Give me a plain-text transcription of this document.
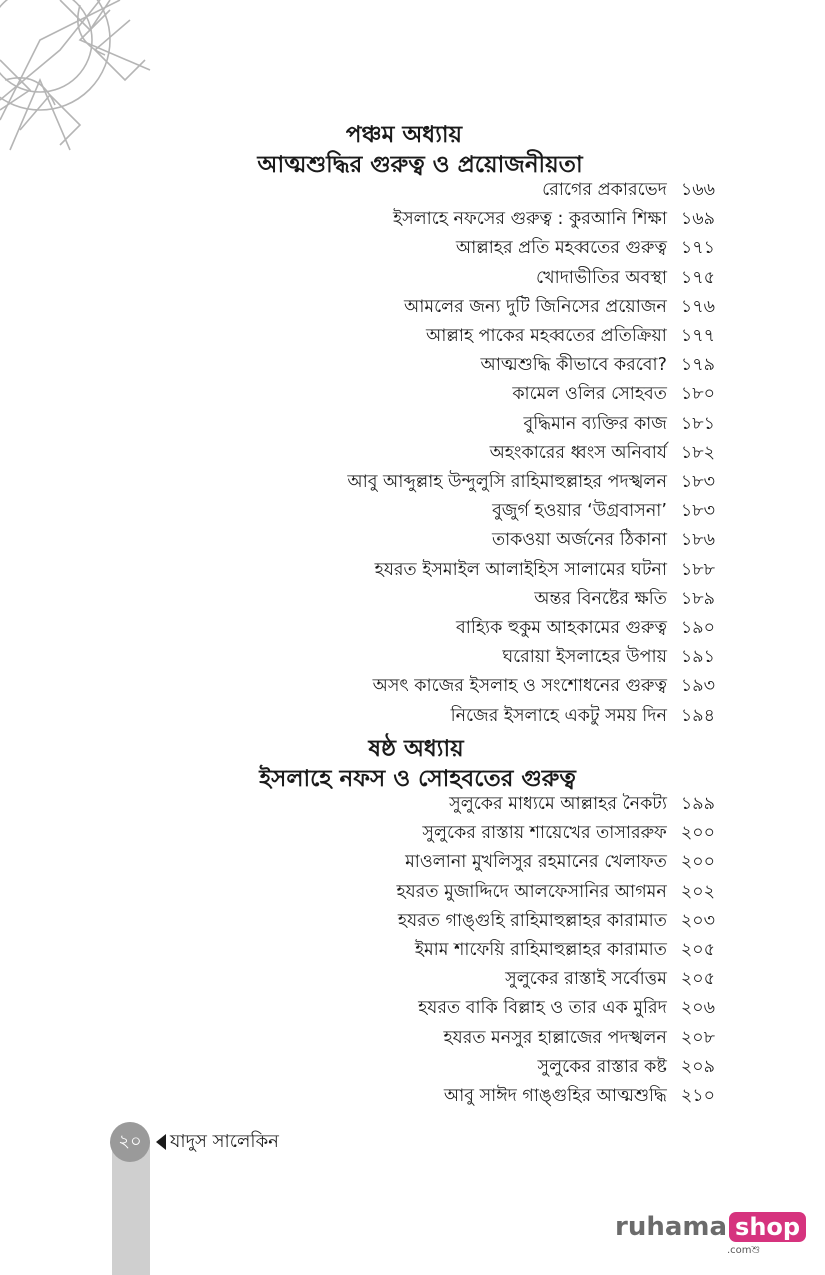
পঞ্চম অধ্যায়
আত্মশুদ্ধির গুরুত্ব ও প্রয়োজনীয়তা
রোগের প্রকারভেদ ১৬৬
ইসলাহে নফসের গুরুত্ব : কুরআনি শিক্ষা ১৬৯
আল্লাহর প্রতি মহব্বতের গুরুত্ব ১৭১
খোদাভীতির অবস্থা ১৭৫
আমলের জন্য দুটি জিনিসের প্রয়োজন ১৭৬
আল্লাহ পাকের মহব্বতের প্রতিক্রিয়া ১৭৭
আত্মশুদ্ধি কীভাবে করবো? ১৭৯
কামেল ওলির সোহবত ১৮০
বুদ্ধিমান ব্যক্তির কাজ ১৮১
অহংকারের ধ্বংস অনিবার্য ১৮২
আবু আব্দুল্লাহ উন্দুলুসি রাহিমাহুল্লাহর পদস্খলন ১৮৩
বুজুর্গ হওয়ার ‘উগ্রবাসনা’ ১৮৩
তাকওয়া অর্জনের ঠিকানা ১৮৬
হযরত ইসমাইল আলাইহিস সালামের ঘটনা ১৮৮
অন্তর বিনষ্টের ক্ষতি ১৮৯
বাহ্যিক হুকুম আহকামের গুরুত্ব ১৯০
ঘরোয়া ইসলাহের উপায় ১৯১
অসৎ কাজের ইসলাহ ও সংশোধনের গুরুত্ব ১৯৩
নিজের ইসলাহে একটু সময় দিন ১৯৪
ষষ্ঠ অধ্যায়
ইসলাহে নফস ও সোহবতের গুরুত্ব
সুলুকের মাধ্যমে আল্লাহর নৈকট্য ১৯৯
সুলুকের রাস্তায় শায়েখের তাসাররুফ ২০০
মাওলানা মুখলিসুর রহমানের খেলাফত ২০০
হযরত মুজাদ্দিদে আলফেসানির আগমন ২০২
হযরত গাঙ্গুহি রাহিমাহুল্লাহর কারামাত ২০৩
ইমাম শাফেয়ি রাহিমাহুল্লাহর কারামাত ২০৫
সুলুকের রাস্তাই সর্বোত্তম ২০৫
হযরত বাকি বিল্লাহ ও তার এক মুরিদ ২০৬
হযরত মনসুর হাল্লাজের পদস্খলন ২০৮
সুলুকের রাস্তার কষ্ট ২০৯
আবু সাঈদ গাঙ্গুহির আত্মশুদ্ধি ২১০
২০	যাদুস সালেকিন
ruhama shop
.comশু
